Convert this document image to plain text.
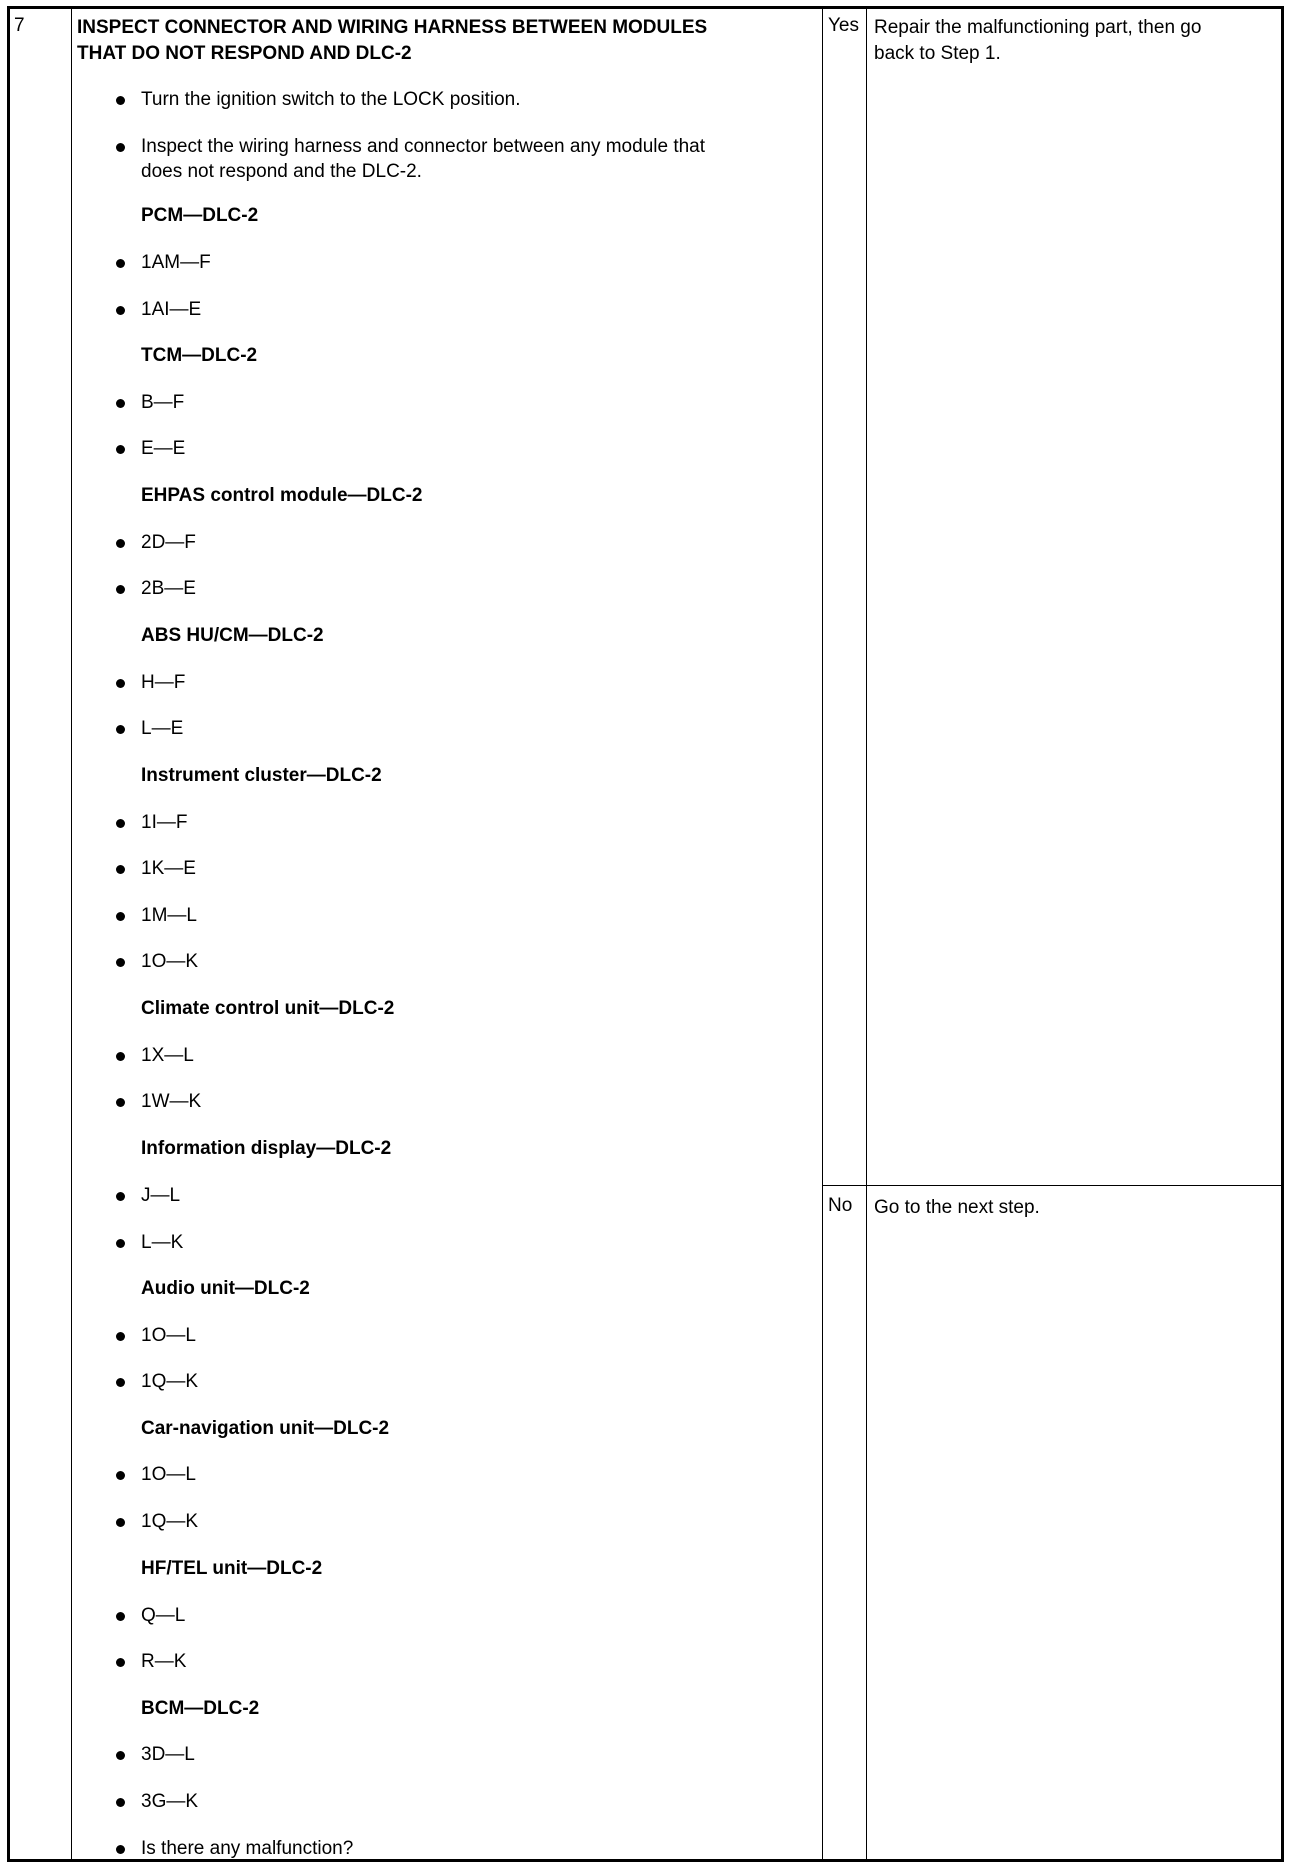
7	INSPECT CONNECTOR AND WIRING HARNESS BETWEEN MODULES
THAT DO NOT RESPOND AND DLC-2
Turn the ignition switch to the LOCK position.
Inspect the wiring harness and connector between any module that
does not respond and the DLC-2.
PCM—DLC-2
1AM—F
1AI—E
TCM—DLC-2
B—F
E—E
EHPAS control module—DLC-2
2D—F
2B—E
ABS HU/CM—DLC-2
H—F
L—E
Instrument cluster—DLC-2
1I—F
1K—E
1M—L
1O—K
Climate control unit—DLC-2
1X—L
1W—K
Information display—DLC-2
J—L
L—K
Audio unit—DLC-2
1O—L
1Q—K
Car-navigation unit—DLC-2
1O—L
1Q—K
HF/TEL unit—DLC-2
Q—L
R—K
BCM—DLC-2
3D—L
3G—K
Is there any malfunction?
Yes Repair the malfunctioning part, then go
back to Step 1.
No Go to the next step.
